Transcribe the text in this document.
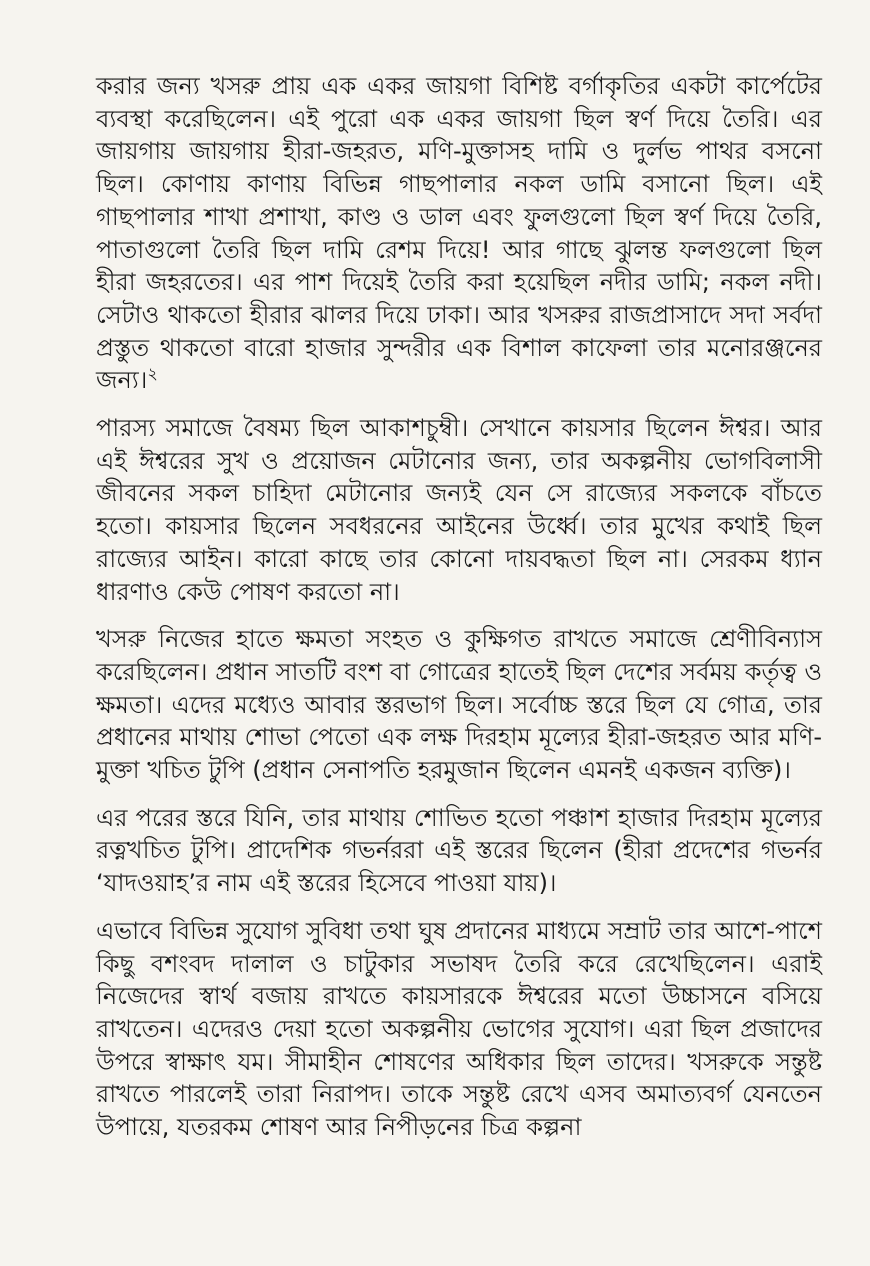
করার জন্য খসরু প্রায় এক একর জায়গা বিশিষ্ট বর্গাকৃতির একটা কার্পেটের ব্যবস্থা করেছিলেন। এই পুরো এক একর জায়গা ছিল স্বর্ণ দিয়ে তৈরি। এর জায়গায় জায়গায় হীরা-জহরত, মণি-মুক্তাসহ দামি ও দুর্লভ পাথর বসনো ছিল। কোণায় কাণায় বিভিন্ন গাছপালার নকল ডামি বসানো ছিল। এই গাছপালার শাখা প্রশাখা, কাণ্ড ও ডাল এবং ফুলগুলো ছিল স্বর্ণ দিয়ে তৈরি, পাতাগুলো তৈরি ছিল দামি রেশম দিয়ে! আর গাছে ঝুলন্ত ফলগুলো ছিল হীরা জহরতের। এর পাশ দিয়েই তৈরি করা হয়েছিল নদীর ডামি; নকল নদী। সেটাও থাকতো হীরার ঝালর দিয়ে ঢাকা। আর খসরুর রাজপ্রাসাদে সদা সর্বদা প্রস্তুত থাকতো বারো হাজার সুন্দরীর এক বিশাল কাফেলা তার মনোরঞ্জনের জন্য।$^২$

পারস্য সমাজে বৈষম্য ছিল আকাশচুম্বী। সেখানে কায়সার ছিলেন ঈশ্বর। আর এই ঈশ্বরের সুখ ও প্রয়োজন মেটানোর জন্য, তার অকল্পনীয় ভোগবিলাসী জীবনের সকল চাহিদা মেটানোর জন্যই যেন সে রাজ্যের সকলকে বাঁচতে হতো। কায়সার ছিলেন সবধরনের আইনের উর্ধ্বে। তার মুখের কথাই ছিল রাজ্যের আইন। কারো কাছে তার কোনো দায়বদ্ধতা ছিল না। সেরকম ধ্যান ধারণাও কেউ পোষণ করতো না।

খসরু নিজের হাতে ক্ষমতা সংহত ও কুক্ষিগত রাখতে সমাজে শ্রেণীবিন্যাস করেছিলেন। প্রধান সাতটি বংশ বা গোত্রের হাতেই ছিল দেশের সর্বময় কর্তৃত্ব ও ক্ষমতা। এদের মধ্যেও আবার স্তরভাগ ছিল। সর্বোচ্চ স্তরে ছিল যে গোত্র, তার প্রধানের মাথায় শোভা পেতো এক লক্ষ দিরহাম মূল্যের হীরা-জহরত আর মণি-মুক্তা খচিত টুপি (প্রধান সেনাপতি হরমুজান ছিলেন এমনই একজন ব্যক্তি)।

এর পরের স্তরে যিনি, তার মাথায় শোভিত হতো পঞ্চাশ হাজার দিরহাম মূল্যের রত্নখচিত টুপি। প্রাদেশিক গভর্নররা এই স্তরের ছিলেন (হীরা প্রদেশের গভর্নর ‘যাদওয়াহ’র নাম এই স্তরের হিসেবে পাওয়া যায়)।

এভাবে বিভিন্ন সুযোগ সুবিধা তথা ঘুষ প্রদানের মাধ্যমে সম্রাট তার আশে-পাশে কিছু বশংবদ দালাল ও চাটুকার সভাষদ তৈরি করে রেখেছিলেন। এরাই নিজেদের স্বার্থ বজায় রাখতে কায়সারকে ঈশ্বরের মতো উচ্চাসনে বসিয়ে রাখতেন। এদেরও দেয়া হতো অকল্পনীয় ভোগের সুযোগ। এরা ছিল প্রজাদের উপরে স্বাক্ষাৎ যম। সীমাহীন শোষণের অধিকার ছিল তাদের। খসরুকে সন্তুষ্ট রাখতে পারলেই তারা নিরাপদ। তাকে সন্তুষ্ট রেখে এসব অমাত্যবর্গ যেনতেন উপায়ে, যতরকম শোষণ আর নিপীড়নের চিত্র কল্পনা
